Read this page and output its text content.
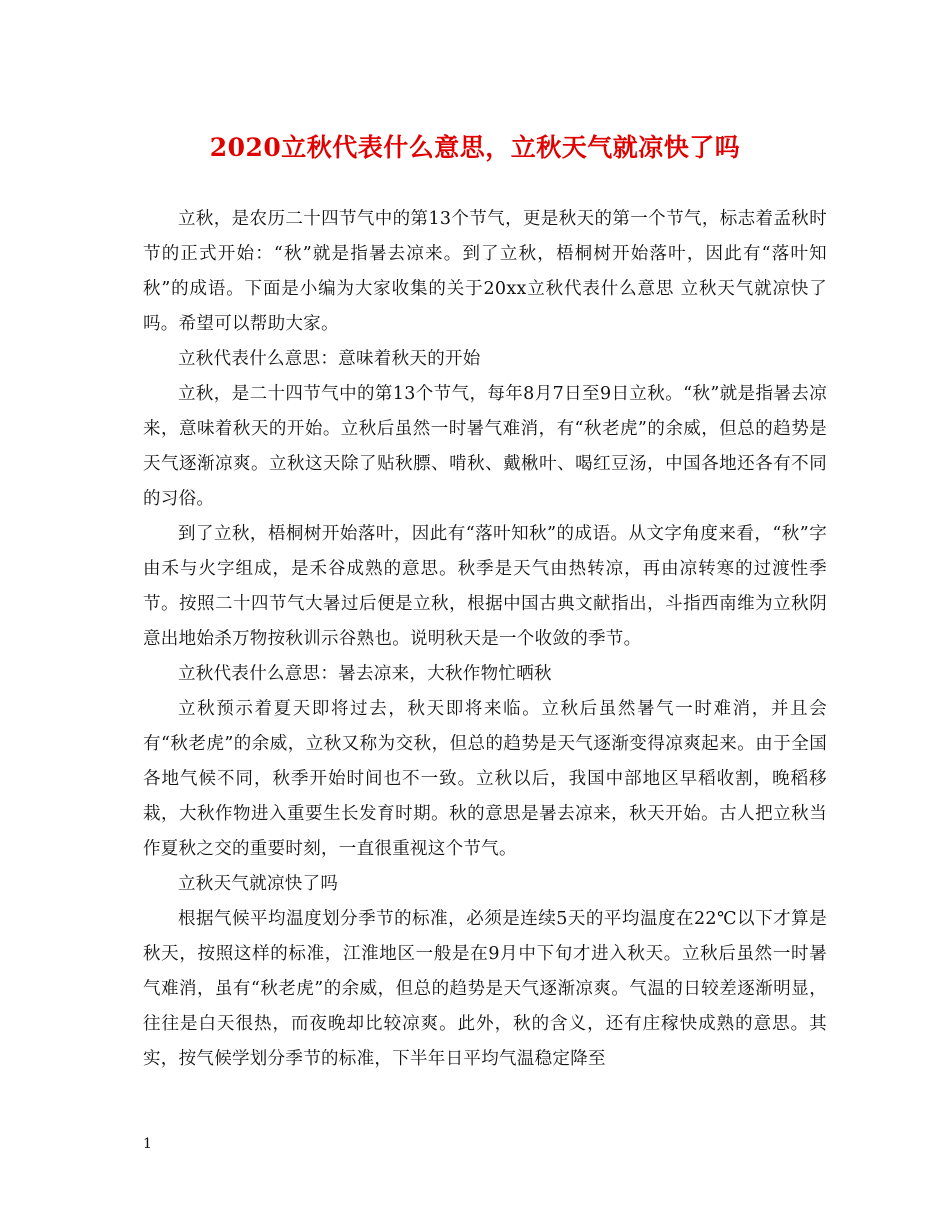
2020立秋代表什么意思，立秋天气就凉快了吗

立秋，是农历二十四节气中的第13个节气，更是秋天的第一个节气，标志着孟秋时节的正式开始：“秋”就是指暑去凉来。到了立秋，梧桐树开始落叶，因此有“落叶知秋”的成语。下面是小编为大家收集的关于20xx立秋代表什么意思 立秋天气就凉快了吗。希望可以帮助大家。

立秋代表什么意思：意味着秋天的开始

立秋，是二十四节气中的第13个节气，每年8月7日至9日立秋。“秋”就是指暑去凉来，意味着秋天的开始。立秋后虽然一时暑气难消，有“秋老虎”的余威，但总的趋势是天气逐渐凉爽。立秋这天除了贴秋膘、啃秋、戴楸叶、喝红豆汤，中国各地还各有不同的习俗。

到了立秋，梧桐树开始落叶，因此有“落叶知秋”的成语。从文字角度来看，“秋”字由禾与火字组成，是禾谷成熟的意思。秋季是天气由热转凉，再由凉转寒的过渡性季节。按照二十四节气大暑过后便是立秋，根据中国古典文献指出，斗指西南维为立秋阴意出地始杀万物按秋训示谷熟也。说明秋天是一个收敛的季节。

立秋代表什么意思：暑去凉来，大秋作物忙晒秋

立秋预示着夏天即将过去，秋天即将来临。立秋后虽然暑气一时难消，并且会有“秋老虎”的余威，立秋又称为交秋，但总的趋势是天气逐渐变得凉爽起来。由于全国各地气候不同，秋季开始时间也不一致。立秋以后，我国中部地区早稻收割，晚稻移栽，大秋作物进入重要生长发育时期。秋的意思是暑去凉来，秋天开始。古人把立秋当作夏秋之交的重要时刻，一直很重视这个节气。

立秋天气就凉快了吗

根据气候平均温度划分季节的标准，必须是连续5天的平均温度在22℃以下才算是秋天，按照这样的标准，江淮地区一般是在9月中下旬才进入秋天。立秋后虽然一时暑气难消，虽有“秋老虎”的余威，但总的趋势是天气逐渐凉爽。气温的日较差逐渐明显，往往是白天很热，而夜晚却比较凉爽。此外，秋的含义，还有庄稼快成熟的意思。其实，按气候学划分季节的标准，下半年日平均气温稳定降至

1
